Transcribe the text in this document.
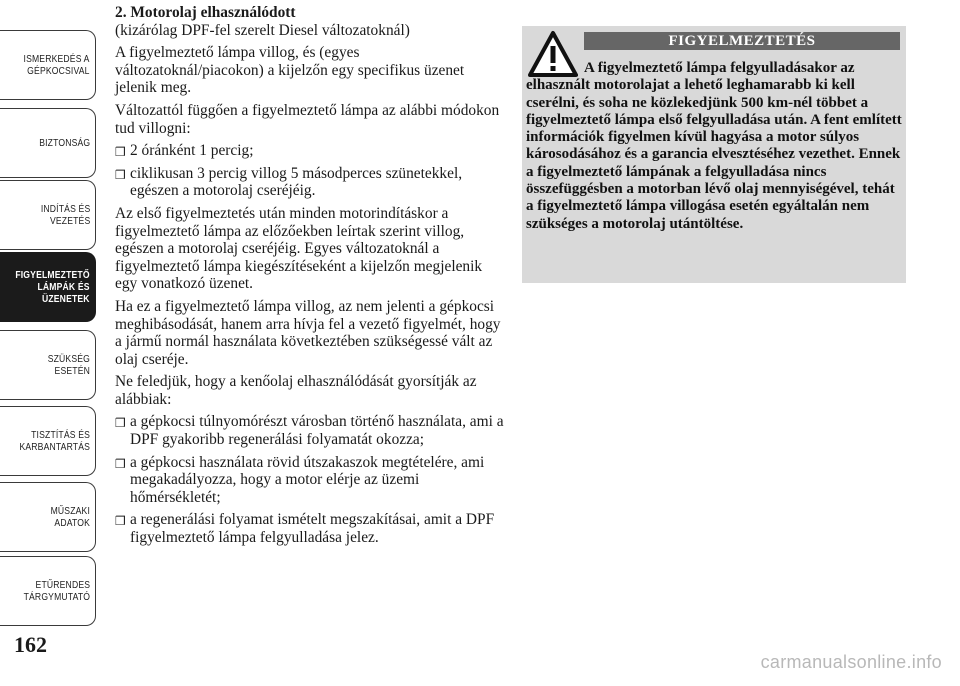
ISMERKEDÉS A
GÉPKOCSIVAL
BIZTONSÁG
INDÍTÁS ÉS
VEZETÉS
FIGYELMEZTETŐ
LÁMPÁK ÉS
ÜZENETEK
SZÜKSÉG ESETÉN
TISZTÍTÁS ÉS
KARBANTARTÁS
MŰSZAKI ADATOK
ETŰRENDES
TÁRGYMUTATÓ
162

2. Motorolaj elhasználódott

(kizárólag DPF-fel szerelt Diesel változatoknál)

A figyelmeztető lámpa villog, és (egyes változatoknál/piacokon) a kijelzőn egy specifikus üzenet jelenik meg.

Változattól függően a figyelmeztető lámpa az alábbi módokon tud villogni:

❒ 2 óránként 1 percig;
❒ ciklikusan 3 percig villog 5 másodperces szünetekkel, egészen a motorolaj cseréjéig.

Az első figyelmeztetés után minden motorindításkor a figyelmeztető lámpa az előzőekben leírtak szerint villog, egészen a motorolaj cseréjéig. Egyes változatoknál a figyelmeztető lámpa kiegészítéseként a kijelzőn megjelenik egy vonatkozó üzenet.

Ha ez a figyelmeztető lámpa villog, az nem jelenti a gépkocsi meghibásodását, hanem arra hívja fel a vezető figyelmét, hogy a jármű normál használata következtében szükségessé vált az olaj cseréje.

Ne feledjük, hogy a kenőolaj elhasználódását gyorsítják az alábbiak:

❒ a gépkocsi túlnyomórészt városban történő használata, ami a DPF gyakoribb regenerálási folyamatát okozza;
❒ a gépkocsi használata rövid útszakaszok megtételére, ami megakadályozza, hogy a motor elérje az üzemi hőmérsékletét;
❒ a regenerálási folyamat ismételt megszakításai, amit a DPF figyelmeztető lámpa felgyulladása jelez.
FIGYELMEZTETÉS
A figyelmeztető lámpa felgyulladásakor az elhasznált motorolajat a lehető leghamarabb ki kell cserélni, és soha ne közlekedjünk 500 km-nél többet a figyelmeztető lámpa első felgyulladása után. A fent említett információk figyelmen kívül hagyása a motor súlyos károsodásához és a garancia elvesztéséhez vezethet. Ennek a figyelmeztető lámpának a felgyulladása nincs összefüggésben a motorban lévő olaj mennyiségével, tehát a figyelmeztető lámpa villogása esetén egyáltalán nem szükséges a motorolaj utántöltése.
carmanualsonline.info
